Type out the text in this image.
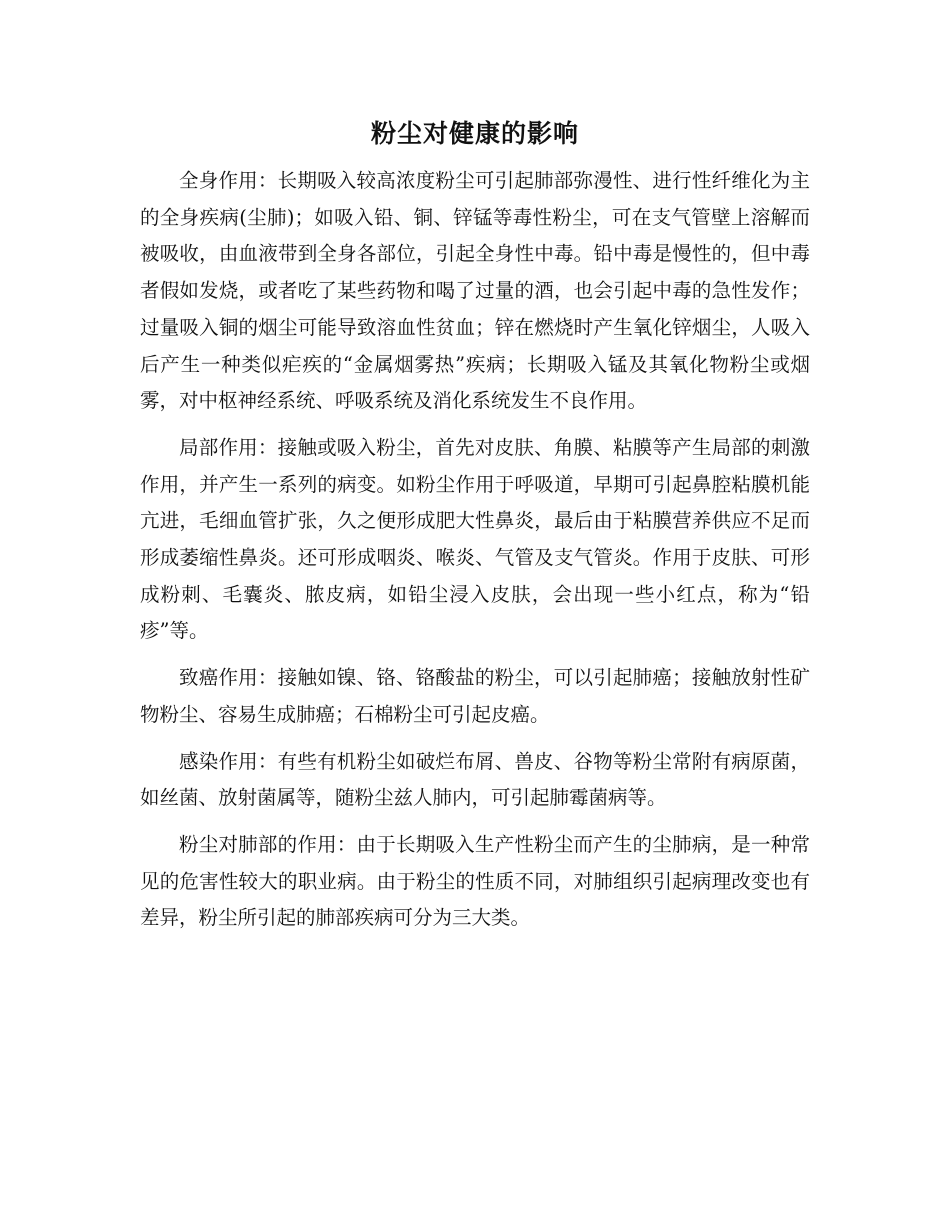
粉尘对健康的影响

全身作用：长期吸入较高浓度粉尘可引起肺部弥漫性、进行性纤维化为主的全身疾病(尘肺)；如吸入铅、铜、锌锰等毒性粉尘，可在支气管壁上溶解而被吸收，由血液带到全身各部位，引起全身性中毒。铅中毒是慢性的，但中毒者假如发烧，或者吃了某些药物和喝了过量的酒，也会引起中毒的急性发作；过量吸入铜的烟尘可能导致溶血性贫血；锌在燃烧时产生氧化锌烟尘，人吸入后产生一种类似疟疾的“金属烟雾热”疾病；长期吸入锰及其氧化物粉尘或烟雾，对中枢神经系统、呼吸系统及消化系统发生不良作用。

局部作用：接触或吸入粉尘，首先对皮肤、角膜、粘膜等产生局部的刺激作用，并产生一系列的病变。如粉尘作用于呼吸道，早期可引起鼻腔粘膜机能亢进，毛细血管扩张，久之便形成肥大性鼻炎，最后由于粘膜营养供应不足而形成萎缩性鼻炎。还可形成咽炎、喉炎、气管及支气管炎。作用于皮肤、可形成粉刺、毛囊炎、脓皮病，如铅尘浸入皮肤，会出现一些小红点，称为“铅疹”等。

致癌作用：接触如镍、铬、铬酸盐的粉尘，可以引起肺癌；接触放射性矿物粉尘、容易生成肺癌；石棉粉尘可引起皮癌。

感染作用：有些有机粉尘如破烂布屑、兽皮、谷物等粉尘常附有病原菌，如丝菌、放射菌属等，随粉尘兹人肺内，可引起肺霉菌病等。

粉尘对肺部的作用：由于长期吸入生产性粉尘而产生的尘肺病，是一种常见的危害性较大的职业病。由于粉尘的性质不同，对肺组织引起病理改变也有差异，粉尘所引起的肺部疾病可分为三大类。
